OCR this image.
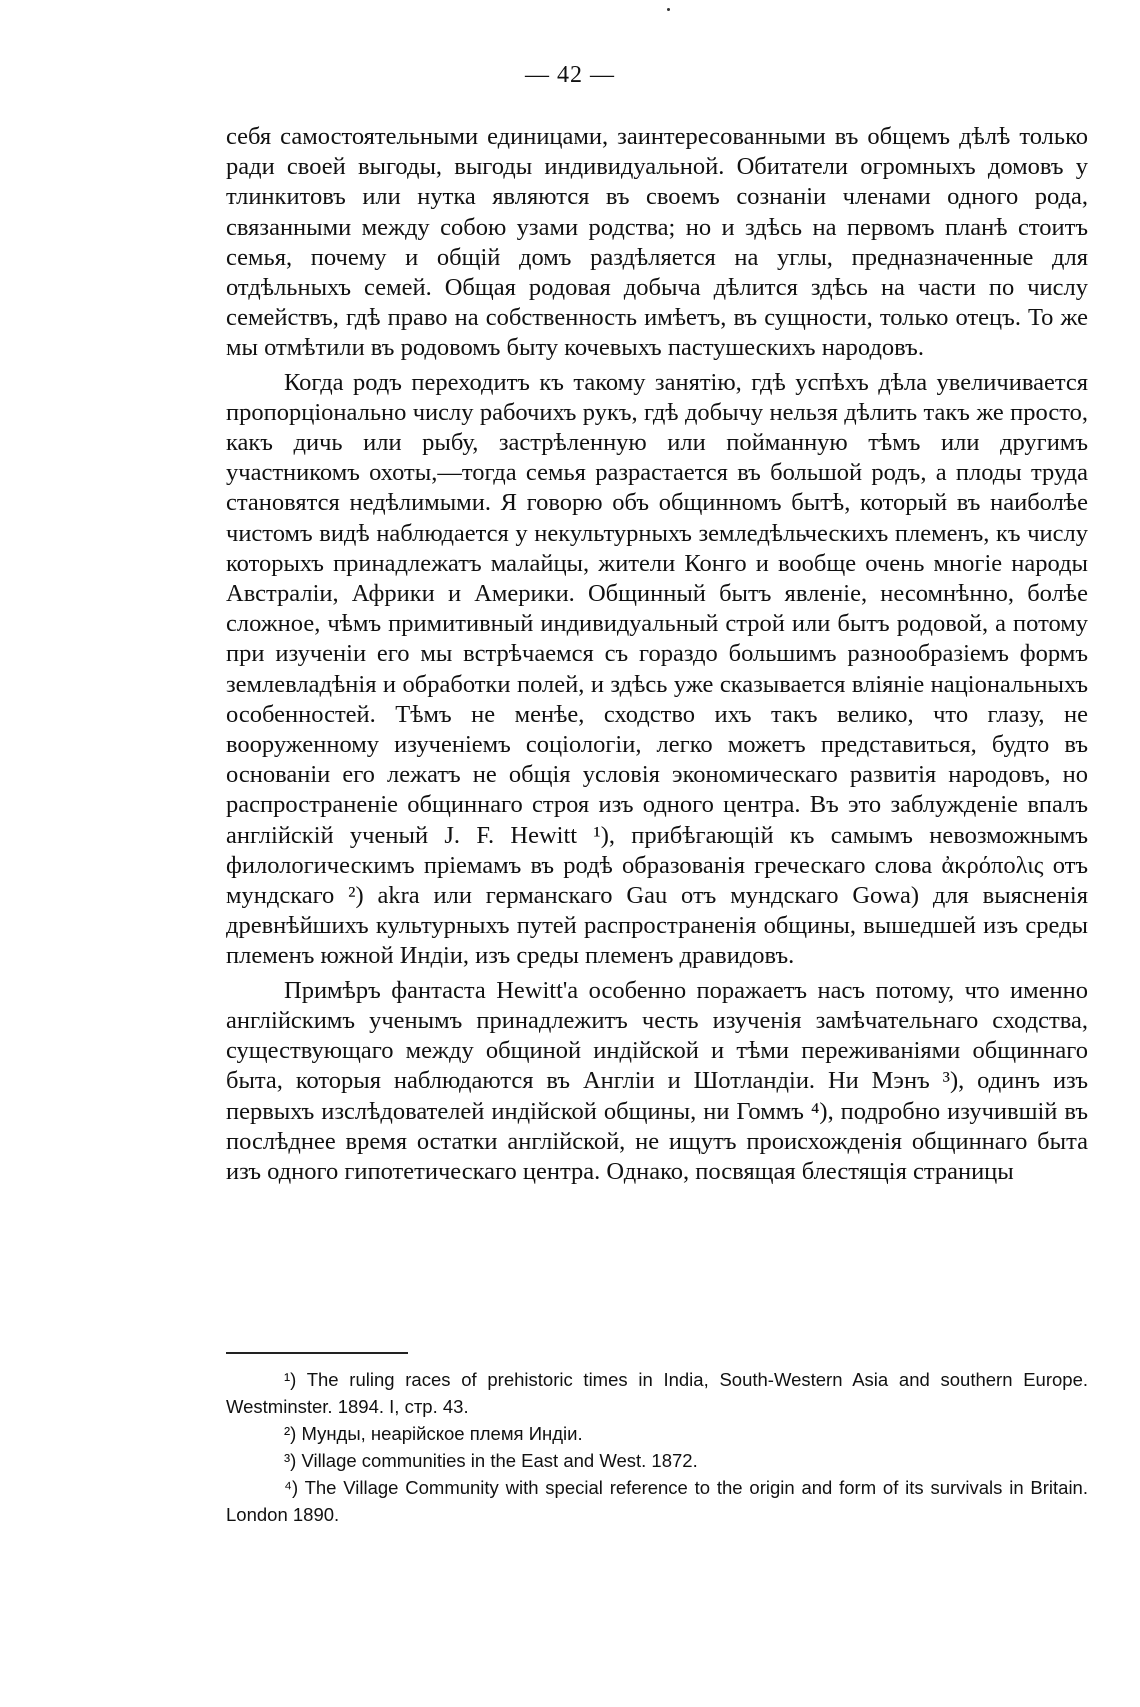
— 42 —

себя самостоятельными единицами, заинтересованными въ общемъ дѣлѣ только ради своей выгоды, выгоды индивидуальной. Обитатели огромныхъ домовъ у тлинкитовъ или нутка являются въ своемъ сознанiи членами одного рода, связанными между собою узами родства; но и здѣсь на первомъ планѣ стоитъ семья, почему и общiй домъ раздѣляется на углы, предназначенные для отдѣльныхъ семей. Общая родовая добыча дѣлится здѣсь на части по числу семействъ, гдѣ право на собственность имѣетъ, въ сущности, только отецъ. То же мы отмѣтили въ родовомъ быту кочевыхъ пастушескихъ народовъ.

Когда родъ переходитъ къ такому занятiю, гдѣ успѣхъ дѣла увеличивается пропорцiонально числу рабочихъ рукъ, гдѣ добычу нельзя дѣлить такъ же просто, какъ дичь или рыбу, застрѣленную или пойманную тѣмъ или другимъ участникомъ охоты,—тогда семья разрастается въ большой родъ, а плоды труда становятся недѣлимыми. Я говорю объ общинномъ бытѣ, который въ наиболѣе чистомъ видѣ наблюдается у некультурныхъ земледѣльческихъ племенъ, къ числу которыхъ принадлежатъ малайцы, жители Конго и вообще очень многiе народы Австралiи, Африки и Америки. Общинный бытъ явленiе, несомнѣнно, болѣе сложное, чѣмъ примитивный индивидуальный строй или бытъ родовой, а потому при изученiи его мы встрѣчаемся съ гораздо большимъ разнообразiемъ формъ землевладѣнiя и обработки полей, и здѣсь уже сказывается влiянiе нацiональныхъ особенностей. Тѣмъ не менѣе, сходство ихъ такъ велико, что глазу, не вооруженному изученiемъ соцiологiи, легко можетъ представиться, будто въ основанiи его лежатъ не общiя условiя экономическаго развитiя народовъ, но распространенiе общиннаго строя изъ одного центра. Въ это заблужденiе впалъ англiйскiй ученый J. F. Hewitt ¹), прибѣгающiй къ самымъ невозможнымъ филологическимъ прiемамъ въ родѣ образованiя греческаго слова ἀκρόπολις отъ мундскаго ²) akra или германскаго Gau отъ мундскаго Gowa) для выясненiя древнѣйшихъ культурныхъ путей распространенiя общины, вышедшей изъ среды племенъ южной Индiи, изъ среды племенъ дравидовъ.

Примѣръ фантаста Hewitt'a особенно поражаетъ насъ потому, что именно англiйскимъ ученымъ принадлежитъ честь изученiя замѣчательнаго сходства, существующаго между общиной индiйской и тѣми переживанiями общиннаго быта, которыя наблюдаются въ Англiи и Шотландiи. Ни Мэнъ ³), одинъ изъ первыхъ изслѣдователей индiйской общины, ни Гоммъ ⁴), подробно изучившiй въ послѣднее время остатки англiйской, не ищутъ происхожденiя общиннаго быта изъ одного гипотетическаго центра. Однако, посвящая блестящiя страницы

¹) The ruling races of prehistoric times in India, South-Western Asia and southern Europe. Westminster. 1894. I, стр. 43.

²) Мунды, неарiйское племя Индiи.

³) Village communities in the East and West. 1872.

⁴) The Village Community with special reference to the origin and form of its survivals in Britain. London 1890.
